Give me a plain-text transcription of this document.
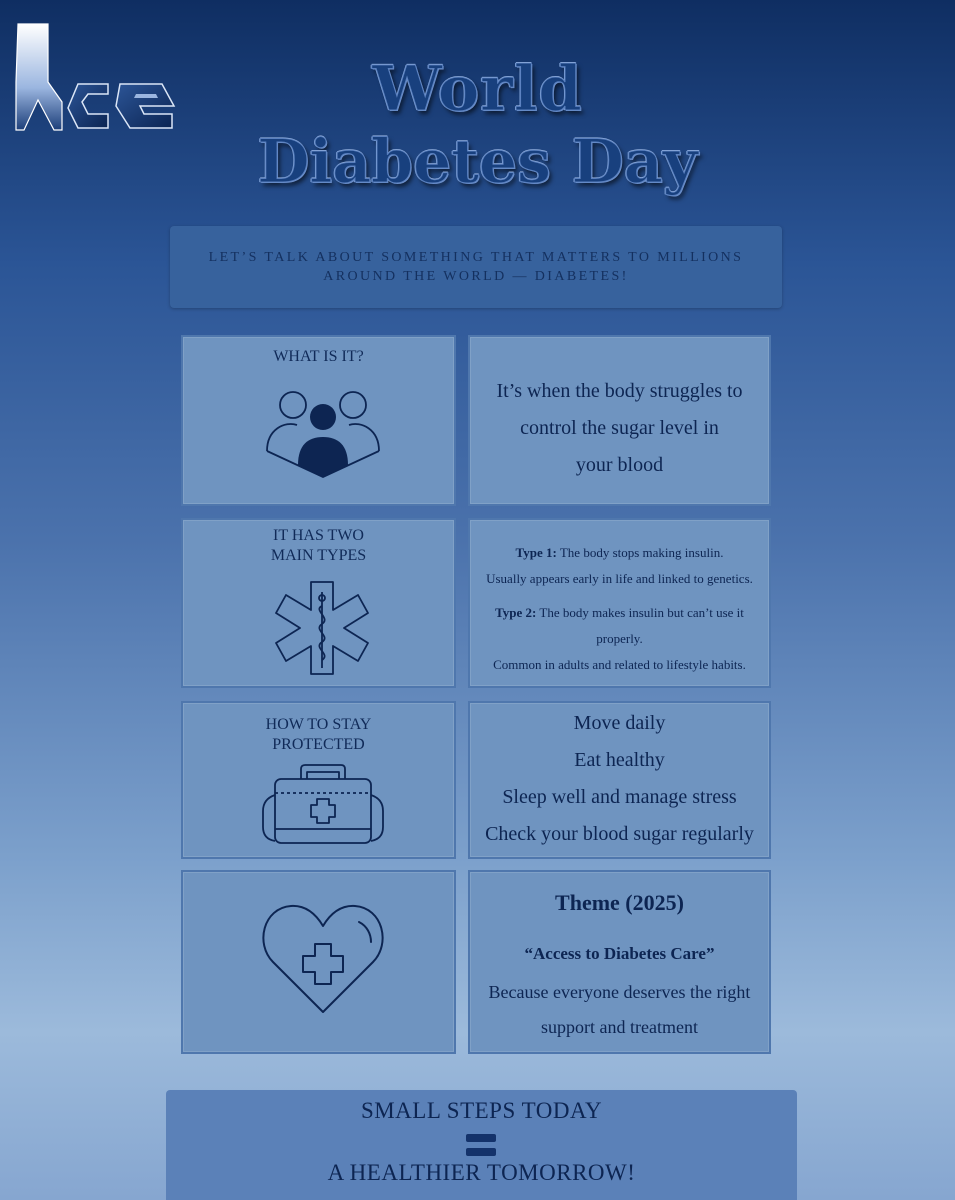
World
Diabetes Day
LET’S TALK ABOUT SOMETHING THAT MATTERS TO MILLIONS AROUND THE WORLD — DIABETES!
WHAT IS IT?
It’s when the body struggles to
control the sugar level in
your blood
IT HAS TWO
MAIN TYPES	Type 1: The body stops making insulin.
Usually appears early in life and linked to genetics.
Type 2: The body makes insulin but can’t use it
properly.
Common in adults and related to lifestyle habits.
HOW TO STAY
PROTECTED
Move daily
Eat healthy
Sleep well and manage stress
Check your blood sugar regularly
Theme (2025)
“Access to Diabetes Care”
Because everyone deserves the right
support and treatment
SMALL STEPS TODAY
A HEALTHIER TOMORROW!
